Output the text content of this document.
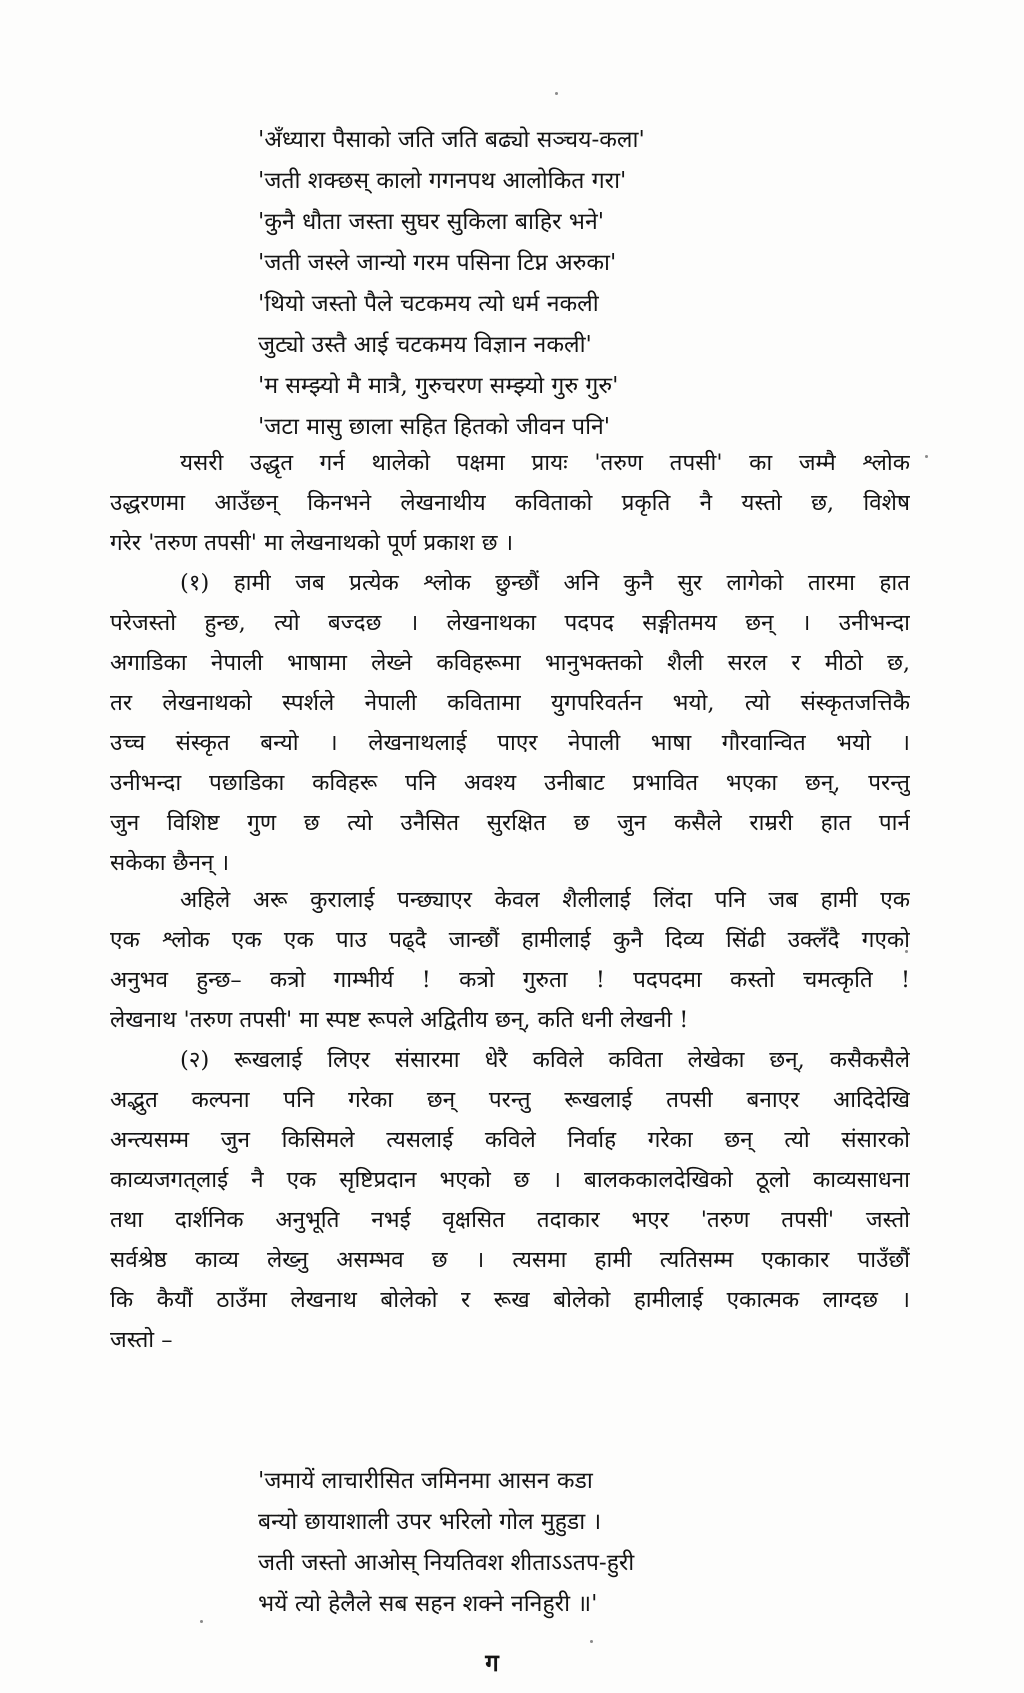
'अँध्यारा पैसाको जति जति बढ्यो सञ्चय-कला'
'जती शक्छस् कालो गगनपथ आलोकित गरा'
'कुनै धौता जस्ता सुघर सुकिला बाहिर भने'
'जती जस्ले जान्यो गरम पसिना टिप्न अरुका'
'थियो जस्तो पैले चटकमय त्यो धर्म नकली
जुट्यो उस्तै आई चटकमय विज्ञान नकली'
'म सम्झ्यो मै मात्रै, गुरुचरण सम्झ्यो गुरु गुरु'
'जटा मासु छाला सहित हितको जीवन पनि'
यसरी उद्धृत गर्न थालेको पक्षमा प्रायः 'तरुण तपसी' का जम्मै श्लोक
उद्धरणमा आउँछन् किनभने लेखनाथीय कविताको प्रकृति नै यस्तो छ, विशेष
गरेर 'तरुण तपसी' मा लेखनाथको पूर्ण प्रकाश छ ।
(१) हामी जब प्रत्येक श्लोक छुन्छौं अनि कुनै सुर लागेको तारमा हात
परेजस्तो हुन्छ, त्यो बज्दछ । लेखनाथका पदपद सङ्गीतमय छन् । उनीभन्दा
अगाडिका नेपाली भाषामा लेख्ने कविहरूमा भानुभक्तको शैली सरल र मीठो छ,
तर लेखनाथको स्पर्शले नेपाली कवितामा युगपरिवर्तन भयो, त्यो संस्कृतजत्तिकै
उच्च संस्कृत बन्यो । लेखनाथलाई पाएर नेपाली भाषा गौरवान्वित भयो ।
उनीभन्दा पछाडिका कविहरू पनि अवश्य उनीबाट प्रभावित भएका छन्, परन्तु
जुन विशिष्ट गुण छ त्यो उनैसित सुरक्षित छ जुन कसैले राम्ररी हात पार्न
सकेका छैनन् ।
अहिले अरू कुरालाई पन्छ्याएर केवल शैलीलाई लिंदा पनि जब हामी एक
एक श्लोक एक एक पाउ पढ्दै जान्छौं हामीलाई कुनै दिव्य सिंढी उक्लँदै गएको
अनुभव हुन्छ– कत्रो गाम्भीर्य ! कत्रो गुरुता ! पदपदमा कस्तो चमत्कृति !
लेखनाथ 'तरुण तपसी' मा स्पष्ट रूपले अद्वितीय छन्, कति धनी लेखनी !
(२) रूखलाई लिएर संसारमा धेरै कविले कविता लेखेका छन्, कसैकसैले
अद्भुत कल्पना पनि गरेका छन् परन्तु रूखलाई तपसी बनाएर आदिदेखि
अन्त्यसम्म जुन किसिमले त्यसलाई कविले निर्वाह गरेका छन् त्यो संसारको
काव्यजगत्‌लाई नै एक सृष्टिप्रदान भएको छ । बालककालदेखिको ठूलो काव्यसाधना
तथा दार्शनिक अनुभूति नभई वृक्षसित तदाकार भएर 'तरुण तपसी' जस्तो
सर्वश्रेष्ठ काव्य लेख्नु असम्भव छ । त्यसमा हामी त्यतिसम्म एकाकार पाउँछौं
कि कैयौं ठाउँमा लेखनाथ बोलेको र रूख बोलेको हामीलाई एकात्मक लाग्दछ ।
जस्तो –
'जमायें लाचारीसित जमिनमा आसन कडा
बन्यो छायाशाली उपर भरिलो गोल मुहुडा ।
जती जस्तो आओस् नियतिवश शीताऽऽतप-हुरी
भयें त्यो हेलैले सब सहन शक्ने ननिहुरी ॥'
ग
